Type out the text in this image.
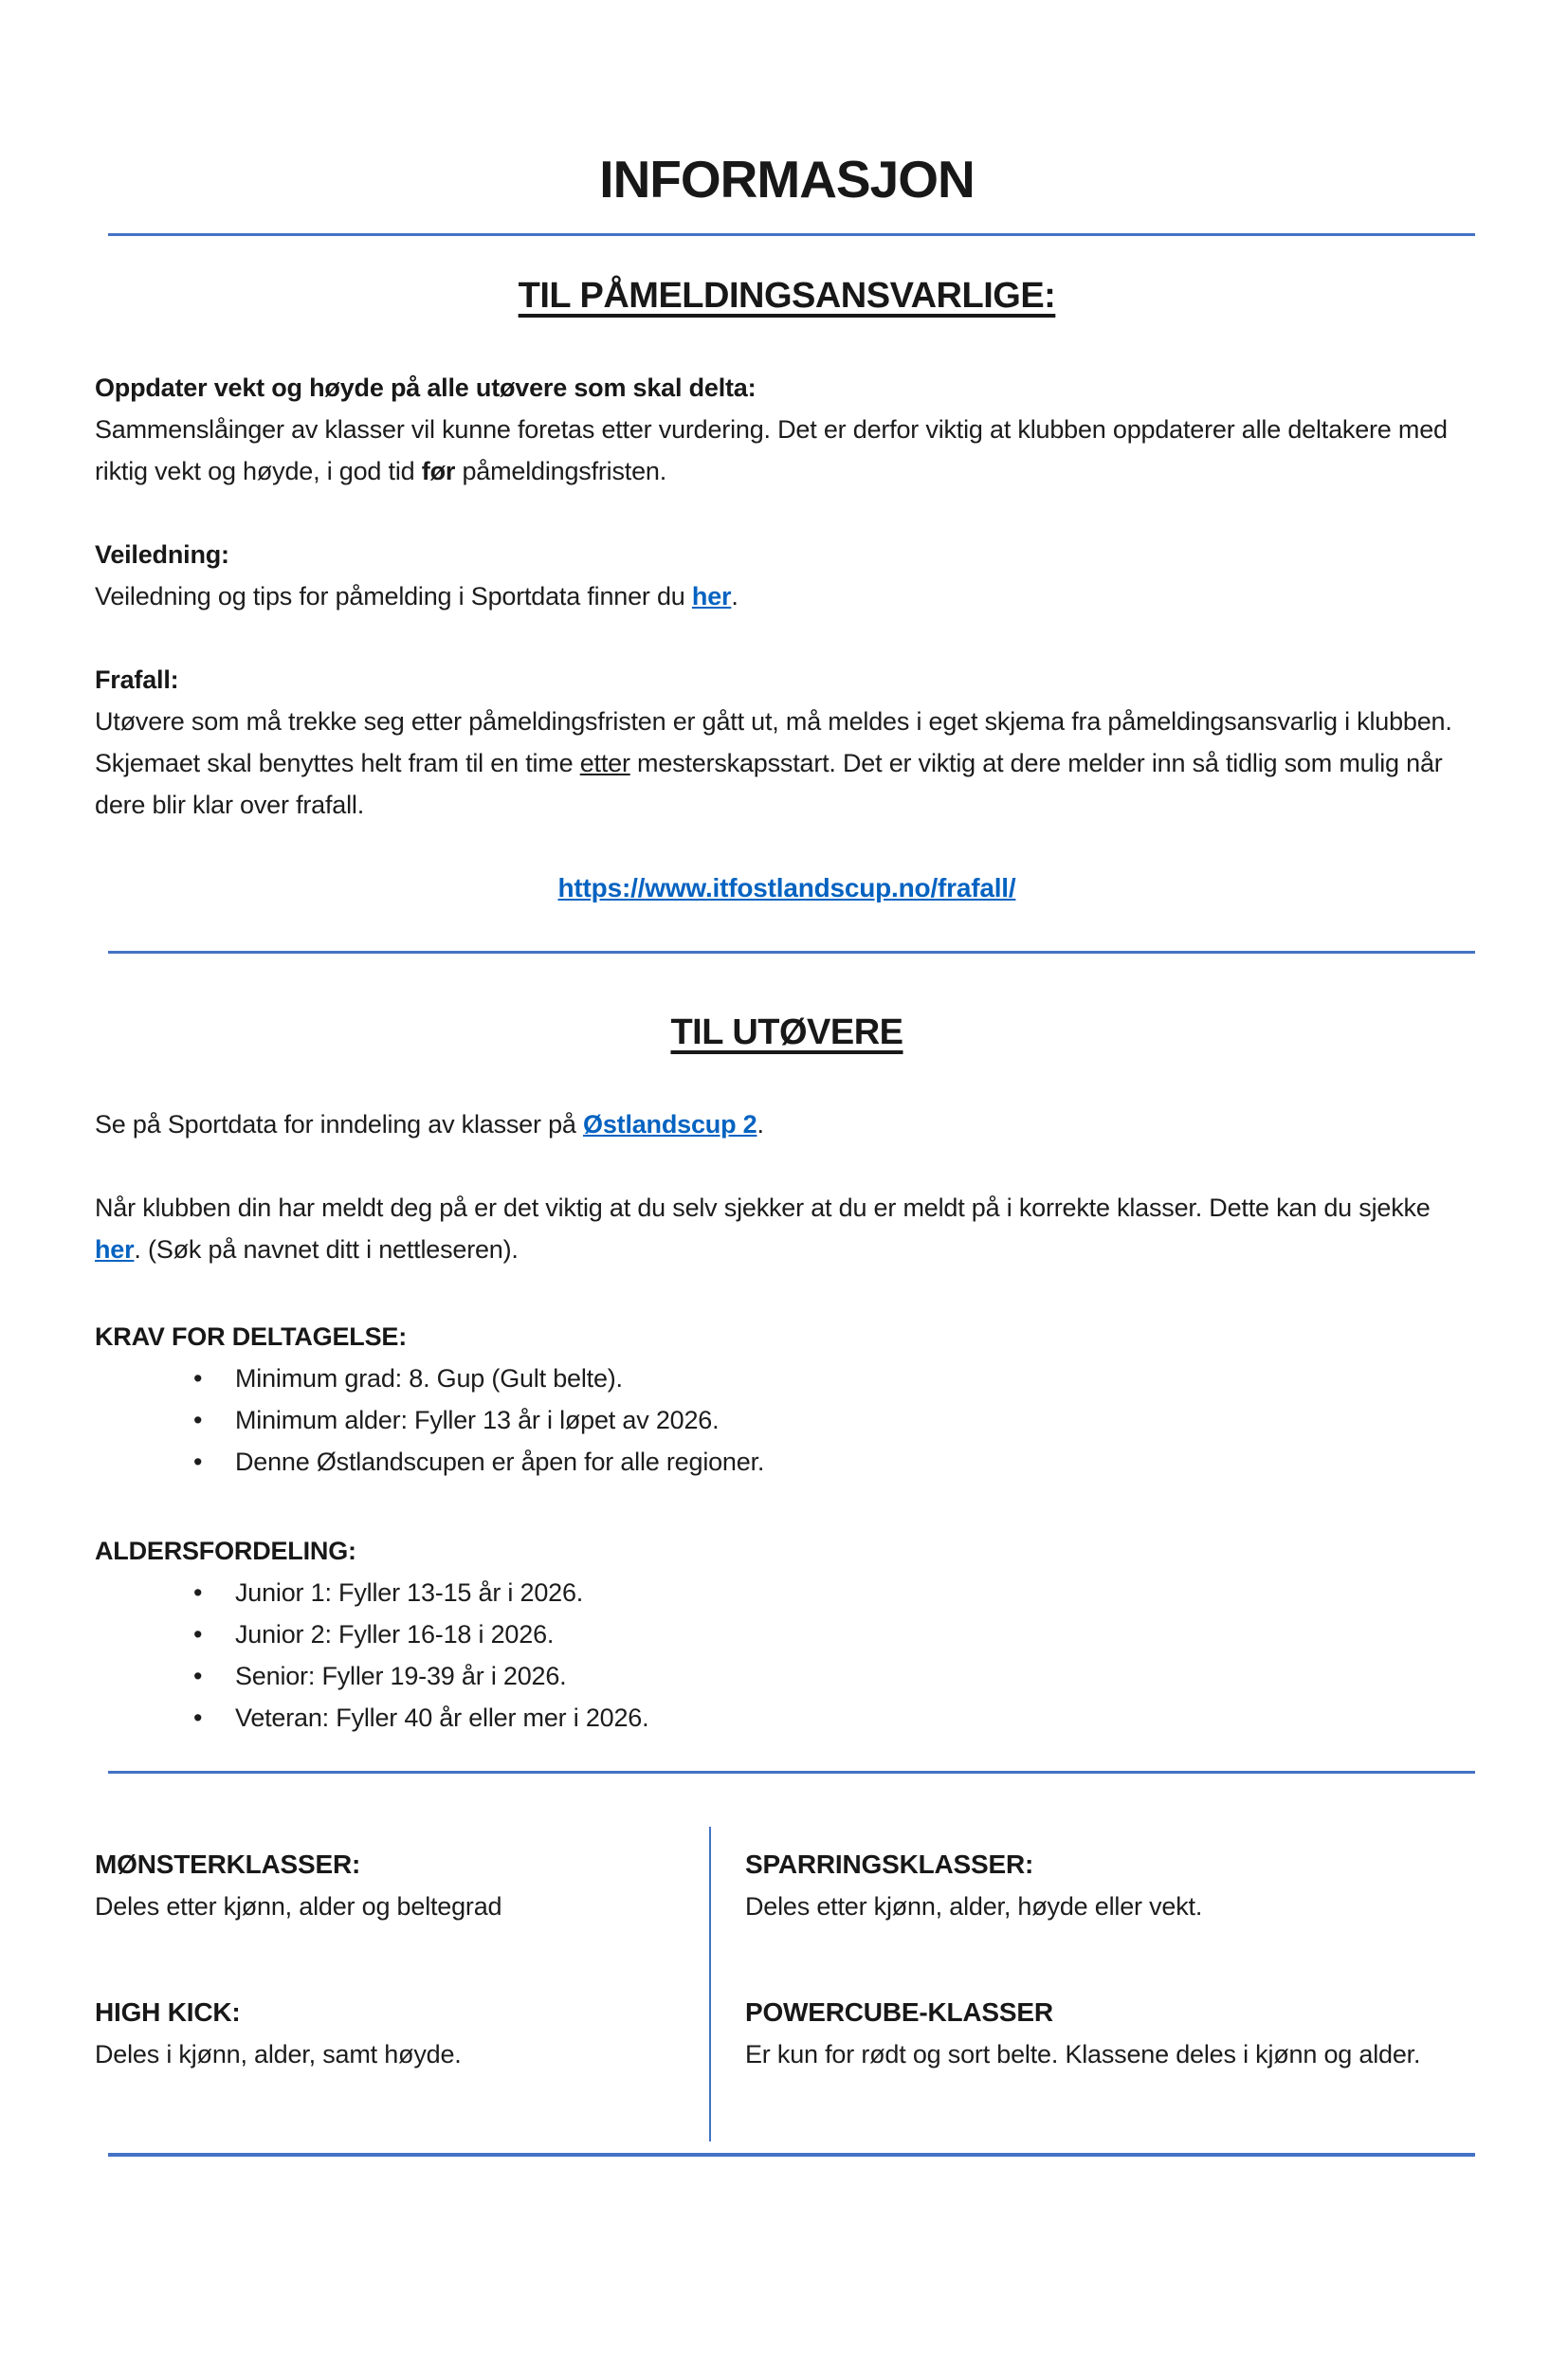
INFORMASJON
TIL PÅMELDINGSANSVARLIGE:

Oppdater vekt og høyde på alle utøvere som skal delta:

Sammenslåinger av klasser vil kunne foretas etter vurdering. Det er derfor viktig at klubben oppdaterer alle deltakere med riktig vekt og høyde, i god tid før påmeldingsfristen.

Veiledning:

Veiledning og tips for påmelding i Sportdata finner du her.

Frafall:

Utøvere som må trekke seg etter påmeldingsfristen er gått ut, må meldes i eget skjema fra påmeldingsansvarlig i klubben.

Skjemaet skal benyttes helt fram til en time etter mesterskapsstart. Det er viktig at dere melder inn så tidlig som mulig når dere blir klar over frafall.

https://www.itfostlandscup.no/frafall/

TIL UTØVERE

Se på Sportdata for inndeling av klasser på Østlandscup 2.

Når klubben din har meldt deg på er det viktig at du selv sjekker at du er meldt på i korrekte klasser. Dette kan du sjekke her. (Søk på navnet ditt i nettleseren).

KRAV FOR DELTAGELSE:

• Minimum grad: 8. Gup (Gult belte).
• Minimum alder: Fyller 13 år i løpet av 2026.
• Denne Østlandscupen er åpen for alle regioner.

ALDERSFORDELING:

• Junior 1: Fyller 13-15 år i 2026.
• Junior 2: Fyller 16-18 i 2026.
• Senior: Fyller 19-39 år i 2026.
• Veteran: Fyller 40 år eller mer i 2026.
MØNSTERKLASSER:

Deles etter kjønn, alder og beltegrad

HIGH KICK:

Deles i kjønn, alder, samt høyde.

SPARRINGSKLASSER:

Deles etter kjønn, alder, høyde eller vekt.

POWERCUBE-KLASSER

Er kun for rødt og sort belte. Klassene deles i kjønn og alder.
